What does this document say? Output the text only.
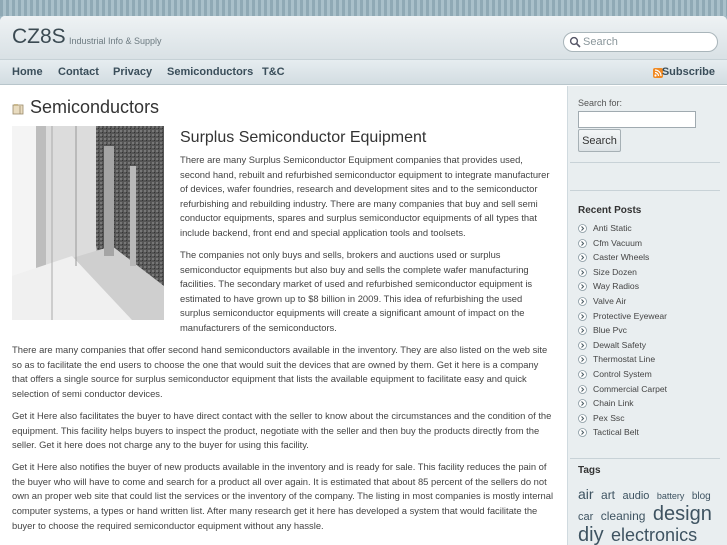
CZ8S Industrial Info & Supply
Search
Home Contact Privacy Semiconductors T&C	Subscribe
Semiconductors
Surplus Semiconductor Equipment

There are many Surplus Semiconductor Equipment companies that provides used, second hand, rebuilt and refurbished semiconductor equipment to integrate manufacturer of devices, wafer foundries, research and development sites and to the semiconductor refurbishing and rebuilding industry. There are many companies that buy and sell semi conductor equipments, spares and surplus semiconductor equipments of all types that include backend, front end and special application tools and toolsets.

The companies not only buys and sells, brokers and auctions used or surplus semiconductor equipments but also buy and sells the complete wafer manufacturing facilities. The secondary market of used and refurbished semiconductor equipment is estimated to have grown up to $8 billion in 2009. This idea of refurbishing the used surplus semiconductor equipments will create a significant amount of impact on the manufacturers of the semiconductors.

There are many companies that offer second hand semiconductors available in the inventory. They are also listed on the web site so as to facilitate the end users to choose the one that would suit the devices that are owned by them. Get it here is a company that offers a single source for surplus semiconductor equipment that lists the available equipment to facilitate easy and quick selection of semi conductor devices.

Get it Here also facilitates the buyer to have direct contact with the seller to know about the circumstances and the condition of the equipment. This facility helps buyers to inspect the product, negotiate with the seller and then buy the products directly from the seller. Get it here does not charge any to the buyer for using this facility.

Get it Here also notifies the buyer of new products available in the inventory and is ready for sale. This facility reduces the pain of the buyer who will have to come and search for a product all over again. It is estimated that about 85 percent of the sellers do not own an proper web site that could list the services or the inventory of the company. The listing in most companies is mostly internal computer systems, a types or hand written list. After many research get it here has developed a system that would facilitate the buyer to choose the required semiconductor equipment without any hassle.

Search for:
Search
Recent Posts
Anti Static
Cfm Vacuum
Caster Wheels
Size Dozen
Way Radios
Valve Air
Protective Eyewear
Blue Pvc
Dewalt Safety
Thermostat Line
Control System
Commercial Carpet
Chain Link
Pex Ssc
Tactical Belt
Tags
air art audio battery blog car cleaning design diy electronics
